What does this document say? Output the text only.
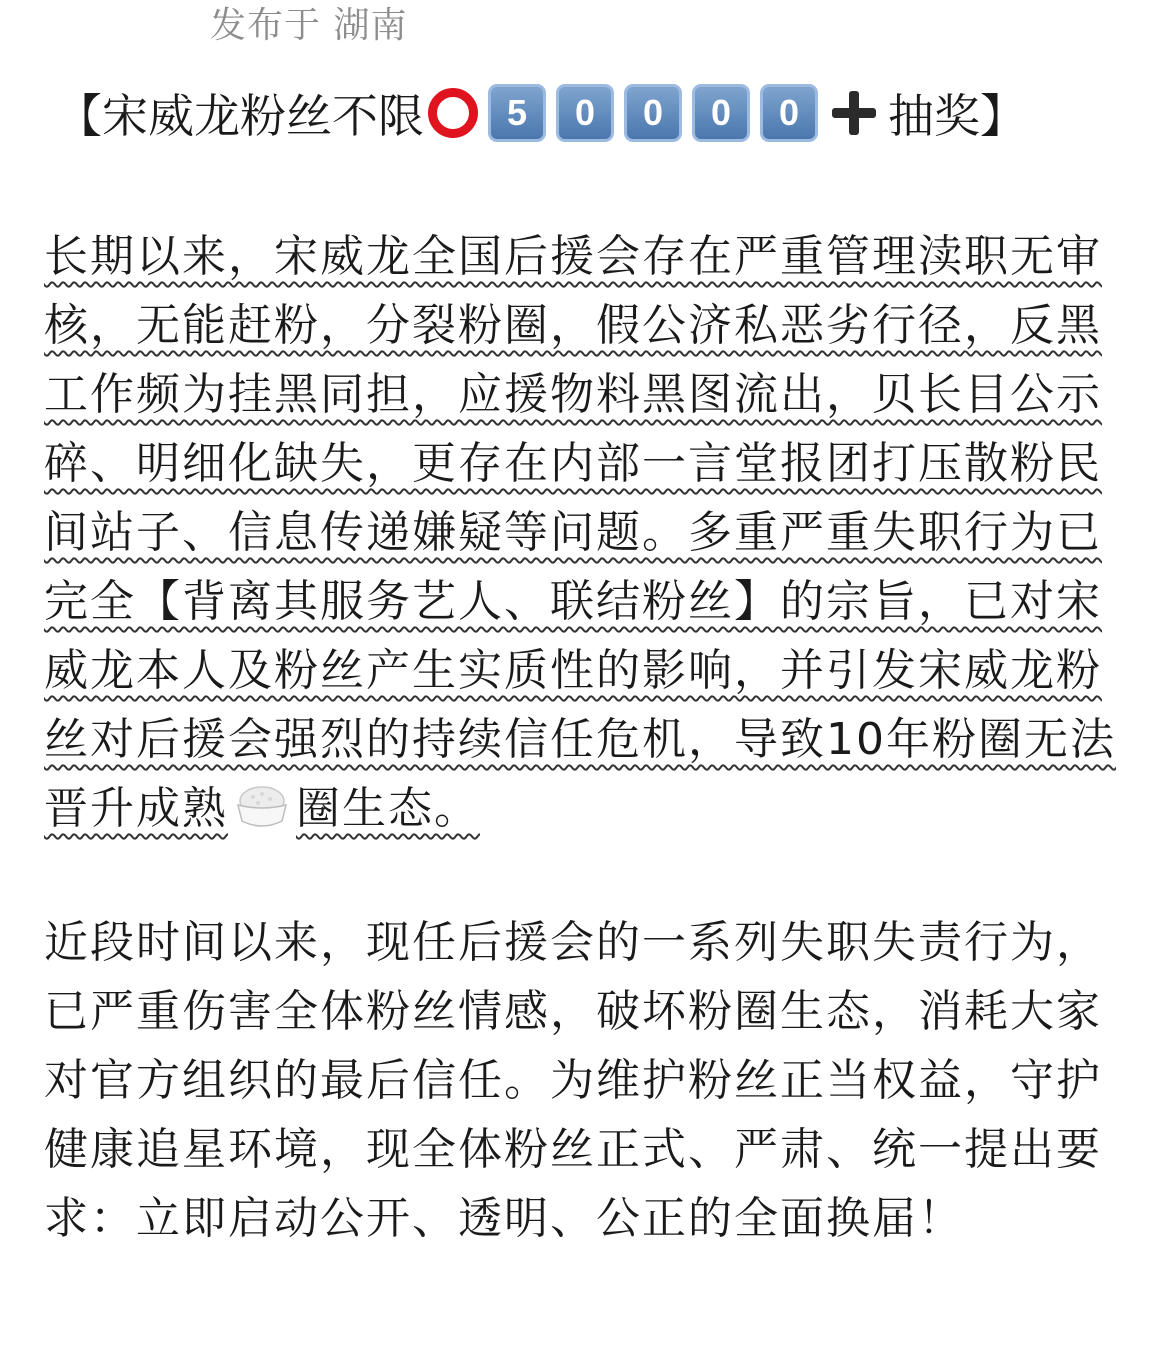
发布于 湖南
【宋威龙粉丝不限	5	0	0	0	0	抽奖】

长期以来，宋威龙全国后援会存在严重管理渎职无审核，无能赶粉，分裂粉圈，假公济私恶劣行径，反黑工作频为挂黑同担，应援物料黑图流出，贝长目公示碎、明细化缺失，更存在内部一言堂报团打压散粉民间站子、信息传递嫌疑等问题。多重严重失职行为已完全【背离其服务艺人、联结粉丝】的宗旨，已对宋威龙本人及粉丝产生实质性的影响，并引发宋威龙粉丝对后援会强烈的持续信任危机，导致10年粉圈无法晋升成熟 圈生态。

近段时间以来，现任后援会的一系列失职失责行为，已严重伤害全体粉丝情感，破坏粉圈生态，消耗大家对官方组织的最后信任。为维护粉丝正当权益，守护健康追星环境，现全体粉丝正式、严肃、统一提出要求：立即启动公开、透明、公正的全面换届！
